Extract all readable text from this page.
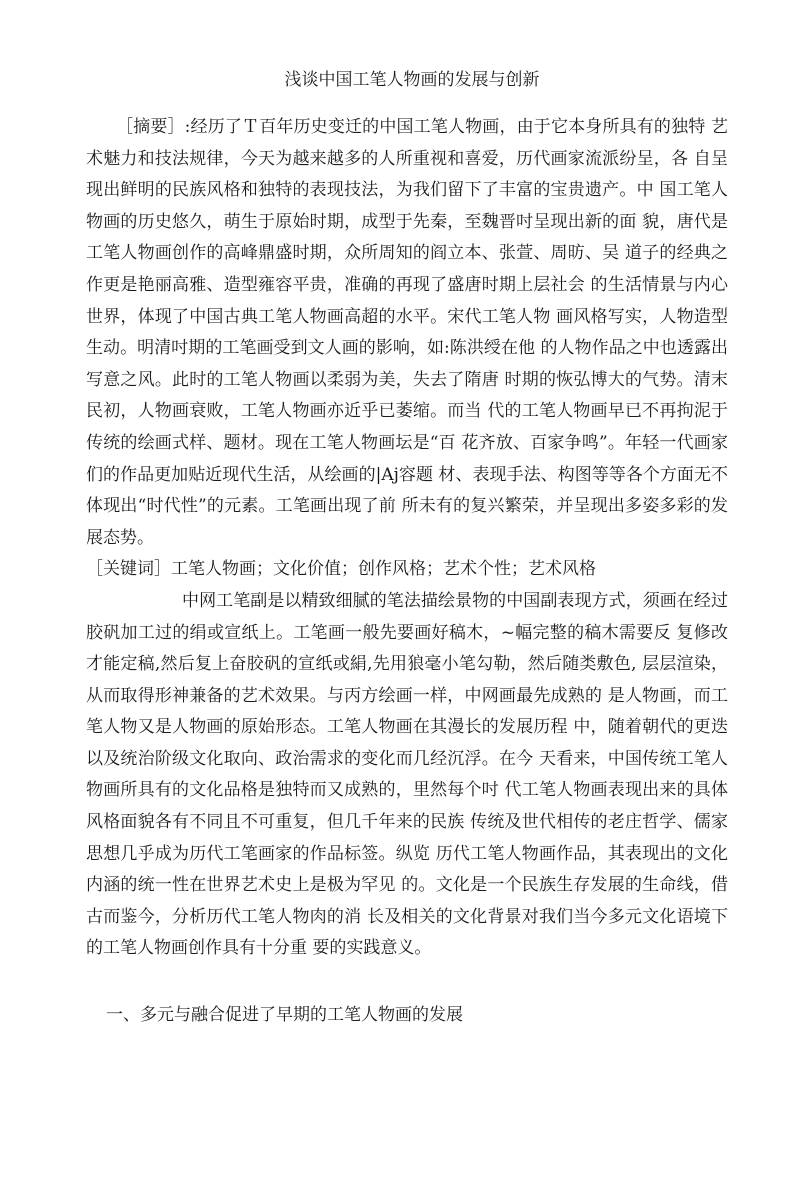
浅谈中国工笔人物画的发展与创新

［摘要］:经历了Ｔ百年历史变迁的中国工笔人物画，由于它本身所具有的独特 艺术魅力和技法规律，今天为越来越多的人所重视和喜爱，历代画家流派纷呈，各 自呈现出鲜明的民族风格和独特的表现技法，为我们留下了丰富的宝贵遗产。中 国工笔人物画的历史悠久，萌生于原始时期，成型于先秦，至魏晋吋呈现出新的面 貌，唐代是工笔人物画创作的高峰鼎盛时期，众所周知的阎立本、张萱、周昉、吴 道子的经典之作更是艳丽高雅、造型雍容平贵，准确的再现了盛唐时期上层社会 的生活情景与内心世界，体现了中国古典工笔人物画高超的水平。宋代工笔人物 画风格写实，人物造型生动。明清吋期的工笔画受到文人画的影响，如:陈洪绶在他 的人物作品之中也透露出写意之风。此时的工笔人物画以柔弱为美，失去了隋唐 时期的恢弘博大的气势。清末民初，人物画衰败，工笔人物画亦近乎已萎缩。而当 代的工笔人物画早已不再拘泥于传统的绘画式样、题材。现在工笔人物画坛是“百 花齐放、百家争鸣”。年轻一代画家们的作品更加贴近现代生活，从绘画的|Aj容题 材、表现手法、构图等等各个方面无不体现出“时代性”的元素。工笔画出现了前 所未有的复兴繁荣，并呈现出多姿多彩的发展态势。

［关键词］工笔人物画；文化价值；创作风格；艺术个性；艺术风格

中网工笔副是以精致细腻的笔法描绘景物的中国副表现方式，须画在经过胶矾加工过的绢或宣纸上。工笔画一般先要画好稿木，~幅完整的稿木需要反 复修改才能定稿,然后复上奋胶矾的宣纸或絹,先用狼毫小笔勾勒，然后随类敷色, 层层渲染，从而取得形神兼备的艺术效果。与丙方绘画一样，中网画最先成熟的 是人物画，而工笔人物又是人物画的原始形态。工笔人物画在其漫长的发展历程 中，随着朝代的更迭以及统治阶级文化取向、政治需求的变化而几经沉浮。在今 天看来，中国传统工笔人物画所具有的文化品格是独特而又成熟的，里然每个吋 代工笔人物画表现出来的具体风格面貌各有不同且不可重复，但几千年来的民族 传统及世代相传的老庄哲学、儒家思想几乎成为历代工笔画家的作品标签。纵览 历代工笔人物画作品，其表现出的文化内涵的统一性在世界艺术史上是极为罕见 的。文化是一个民族生存发展的生命线，借古而鉴今，分析历代工笔人物肉的消 长及相关的文化背景对我们当今多元文化语境下的工笔人物画创作具有十分重 要的实践意义。

一、多元与融合促进了早期的工笔人物画的发展
